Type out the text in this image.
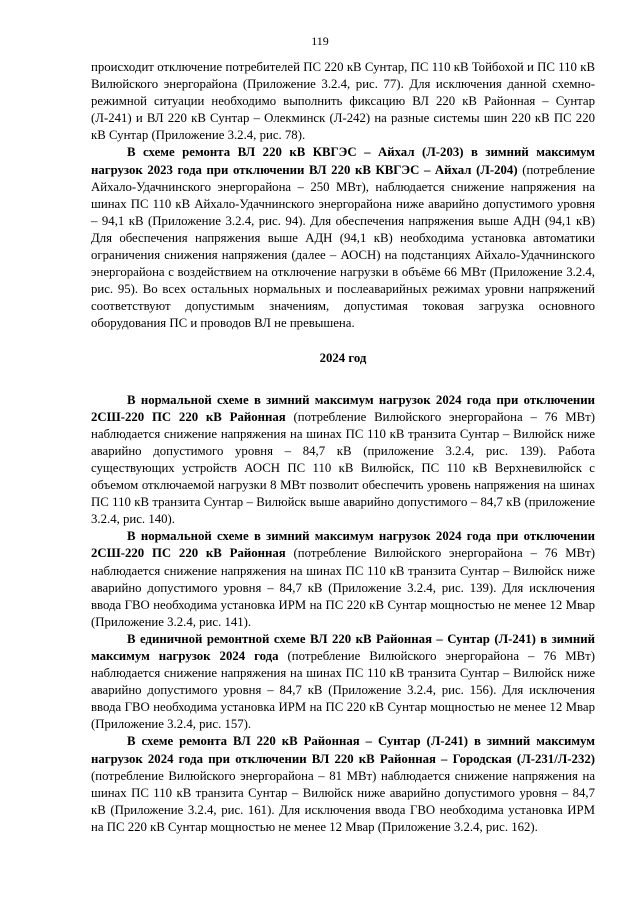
119

происходит отключение потребителей ПС 220 кВ Сунтар, ПС 110 кВ Тойбохой и ПС 110 кВ Вилюйского энергорайона (Приложение 3.2.4, рис. 77). Для исключения данной схемно-режимной ситуации необходимо выполнить фиксацию ВЛ 220 кВ Районная – Сунтар (Л-241) и ВЛ 220 кВ Сунтар – Олекминск (Л-242) на разные системы шин 220 кВ ПС 220 кВ Сунтар (Приложение 3.2.4, рис. 78).

В схеме ремонта ВЛ 220 кВ КВГЭС – Айхал (Л-203) в зимний максимум нагрузок 2023 года при отключении ВЛ 220 кВ КВГЭС – Айхал (Л-204) (потребление Айхало-Удачнинского энергорайона – 250 МВт), наблюдается снижение напряжения на шинах ПС 110 кВ Айхало-Удачнинского энергорайона ниже аварийно допустимого уровня – 94,1 кВ (Приложение 3.2.4, рис. 94). Для обеспечения напряжения выше АДН (94,1 кВ) Для обеспечения напряжения выше АДН (94,1 кВ) необходима установка автоматики ограничения снижения напряжения (далее – АОСН) на подстанциях Айхало-Удачнинского энергорайона с воздействием на отключение нагрузки в объёме 66 МВт (Приложение 3.2.4, рис. 95). Во всех остальных нормальных и послеаварийных режимах уровни напряжений соответствуют допустимым значениям, допустимая токовая загрузка основного оборудования ПС и проводов ВЛ не превышена.

2024 год

В нормальной схеме в зимний максимум нагрузок 2024 года при отключении 2СШ-220 ПС 220 кВ Районная (потребление Вилюйского энергорайона – 76 МВт) наблюдается снижение напряжения на шинах ПС 110 кВ транзита Сунтар – Вилюйск ниже аварийно допустимого уровня – 84,7 кВ (приложение 3.2.4, рис. 139). Работа существующих устройств АОСН ПС 110 кВ Вилюйск, ПС 110 кВ Верхневилюйск с объемом отключаемой нагрузки 8 МВт позволит обеспечить уровень напряжения на шинах ПС 110 кВ транзита Сунтар – Вилюйск выше аварийно допустимого – 84,7 кВ (приложение 3.2.4, рис. 140).

В нормальной схеме в зимний максимум нагрузок 2024 года при отключении 2СШ-220 ПС 220 кВ Районная (потребление Вилюйского энергорайона – 76 МВт) наблюдается снижение напряжения на шинах ПС 110 кВ транзита Сунтар – Вилюйск ниже аварийно допустимого уровня – 84,7 кВ (Приложение 3.2.4, рис. 139). Для исключения ввода ГВО необходима установка ИРМ на ПС 220 кВ Сунтар мощностью не менее 12 Мвар (Приложение 3.2.4, рис. 141).

В единичной ремонтной схеме ВЛ 220 кВ Районная – Сунтар (Л-241) в зимний максимум нагрузок 2024 года (потребление Вилюйского энергорайона – 76 МВт) наблюдается снижение напряжения на шинах ПС 110 кВ транзита Сунтар – Вилюйск ниже аварийно допустимого уровня – 84,7 кВ (Приложение 3.2.4, рис. 156). Для исключения ввода ГВО необходима установка ИРМ на ПС 220 кВ Сунтар мощностью не менее 12 Мвар (Приложение 3.2.4, рис. 157).

В схеме ремонта ВЛ 220 кВ Районная – Сунтар (Л-241) в зимний максимум нагрузок 2024 года при отключении ВЛ 220 кВ Районная – Городская (Л-231/Л-232) (потребление Вилюйского энергорайона – 81 МВт) наблюдается снижение напряжения на шинах ПС 110 кВ транзита Сунтар – Вилюйск ниже аварийно допустимого уровня – 84,7 кВ (Приложение 3.2.4, рис. 161). Для исключения ввода ГВО необходима установка ИРМ на ПС 220 кВ Сунтар мощностью не менее 12 Мвар (Приложение 3.2.4, рис. 162).
